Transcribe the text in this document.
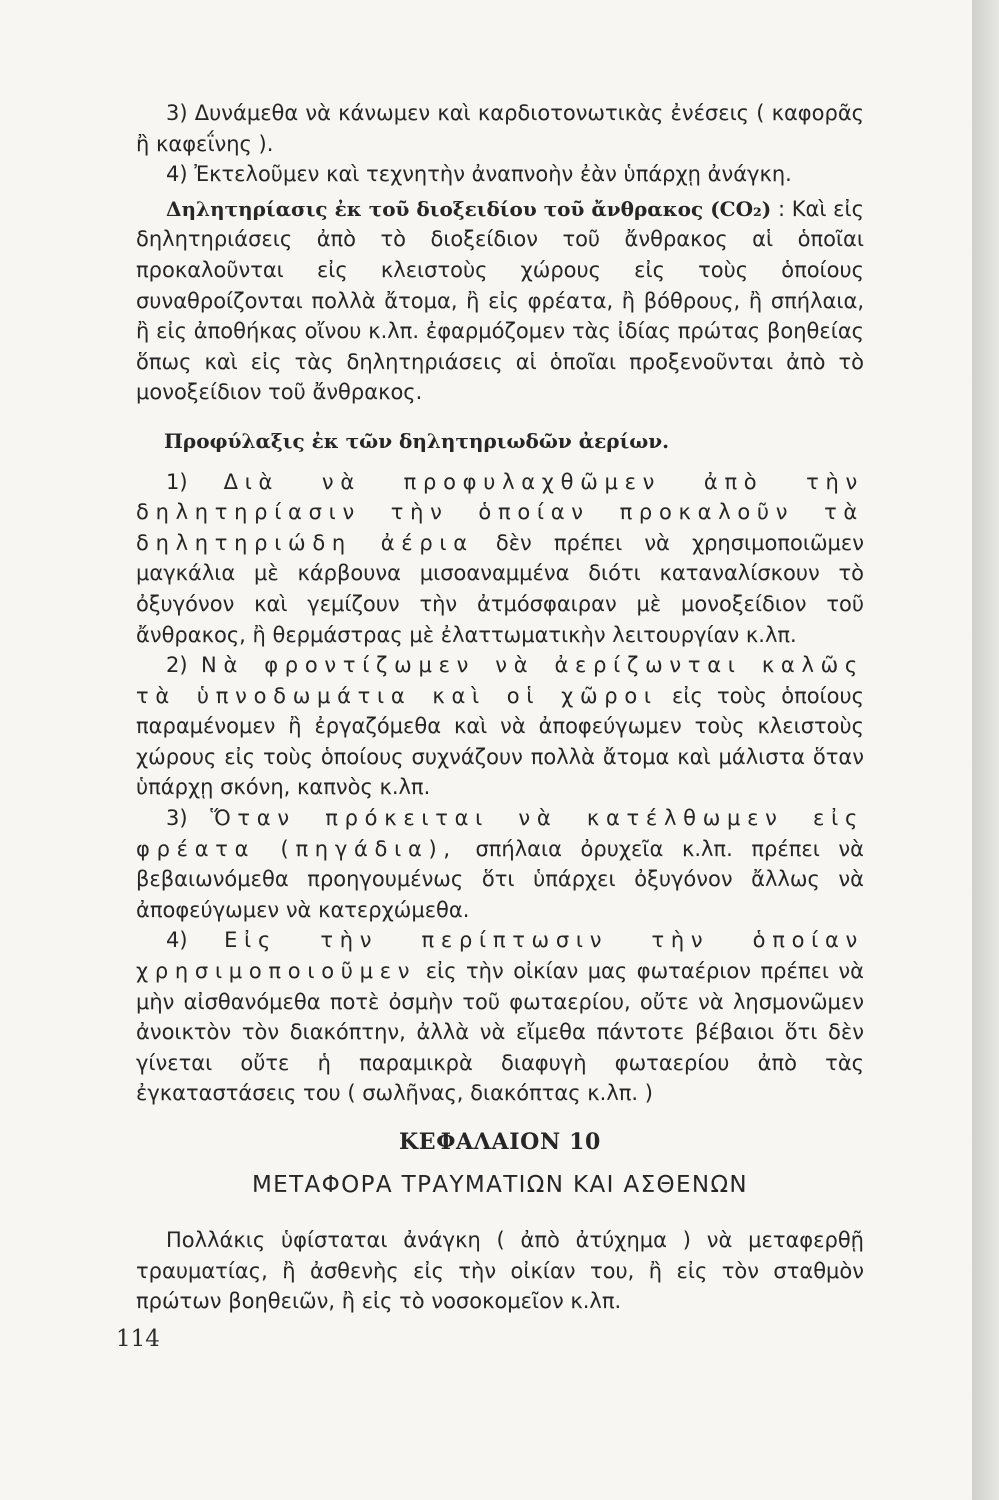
3) Δυνάμεθα νὰ κάνωμεν καὶ καρδιοτονωτικὰς ἐνέσεις ( καφορᾶς ἢ καφεΐνης ).

4) Ἐκτελοῦμεν καὶ τεχνητὴν ἀναπνοὴν ἐὰν ὑπάρχῃ ἀνάγκη.

Δηλητηρίασις ἐκ τοῦ διοξειδίου τοῦ ἄνθρακος (CO₂) : Καὶ εἰς δηλητηριάσεις ἀπὸ τὸ διοξείδιον τοῦ ἄνθρακος αἱ ὁποῖαι προκαλοῦνται εἰς κλειστοὺς χώρους εἰς τοὺς ὁποίους συναθροίζονται πολλὰ ἄτομα, ἢ εἰς φρέατα, ἢ βόθρους, ἢ σπήλαια, ἢ εἰς ἀποθήκας οἴνου κ.λπ. ἐφαρμόζομεν τὰς ἰδίας πρώτας βοηθείας ὅπως καὶ εἰς τὰς δηλητηριάσεις αἱ ὁποῖαι προξενοῦνται ἀπὸ τὸ μονοξείδιον τοῦ ἄνθρακος.

Προφύλαξις ἐκ τῶν δηλητηριωδῶν ἀερίων.

1) Διὰ νὰ προφυλαχθῶμεν ἀπὸ τὴν δηλητηρίασιν τὴν ὁποίαν προκαλοῦν τὰ δηλητηριώδη ἀέρια δὲν πρέπει νὰ χρησιμοποιῶμεν μαγκάλια μὲ κάρβουνα μισοαναμμένα διότι καταναλίσκουν τὸ ὀξυγόνον καὶ γεμίζουν τὴν ἀτμόσφαιραν μὲ μονοξείδιον τοῦ ἄνθρακος, ἢ θερμάστρας μὲ ἐλαττωματικὴν λειτουργίαν κ.λπ.

2) Νὰ φροντίζωμεν νὰ ἀερίζωνται καλῶς τὰ ὑπνοδωμάτια καὶ οἱ χῶροι εἰς τοὺς ὁποίους παραμένομεν ἢ ἐργαζόμεθα καὶ νὰ ἀποφεύγωμεν τοὺς κλειστοὺς χώρους εἰς τοὺς ὁποίους συχνάζουν πολλὰ ἄτομα καὶ μάλιστα ὅταν ὑπάρχῃ σκόνη, καπνὸς κ.λπ.

3) Ὅταν πρόκειται νὰ κατέλθωμεν εἰς φρέατα (πηγάδια), σπήλαια ὀρυχεῖα κ.λπ. πρέπει νὰ βεβαιωνόμεθα προηγουμένως ὅτι ὑπάρχει ὀξυγόνον ἄλλως νὰ ἀποφεύγωμεν νὰ κατερχώμεθα.

4) Εἰς τὴν περίπτωσιν τὴν ὁποίαν χρησιμοποιοῦμεν εἰς τὴν οἰκίαν μας φωταέριον πρέπει νὰ μὴν αἰσθανόμεθα ποτὲ ὀσμὴν τοῦ φωταερίου, οὔτε νὰ λησμονῶμεν ἀνοικτὸν τὸν διακόπτην, ἀλλὰ νὰ εἴμεθα πάντοτε βέβαιοι ὅτι δὲν γίνεται οὔτε ἡ παραμικρὰ διαφυγὴ φωταερίου ἀπὸ τὰς ἐγκαταστάσεις του ( σωλῆνας, διακόπτας κ.λπ. )

ΚΕΦΑΛΑΙΟΝ 10

ΜΕΤΑΦΟΡΑ ΤΡΑΥΜΑΤΙΩΝ ΚΑΙ ΑΣΘΕΝΩΝ

Πολλάκις ὑφίσταται ἀνάγκη ( ἀπὸ ἀτύχημα ) νὰ μεταφερθῇ τραυματίας, ἢ ἀσθενὴς εἰς τὴν οἰκίαν του, ἢ εἰς τὸν σταθμὸν πρώτων βοηθειῶν, ἢ εἰς τὸ νοσοκομεῖον κ.λπ.

114
